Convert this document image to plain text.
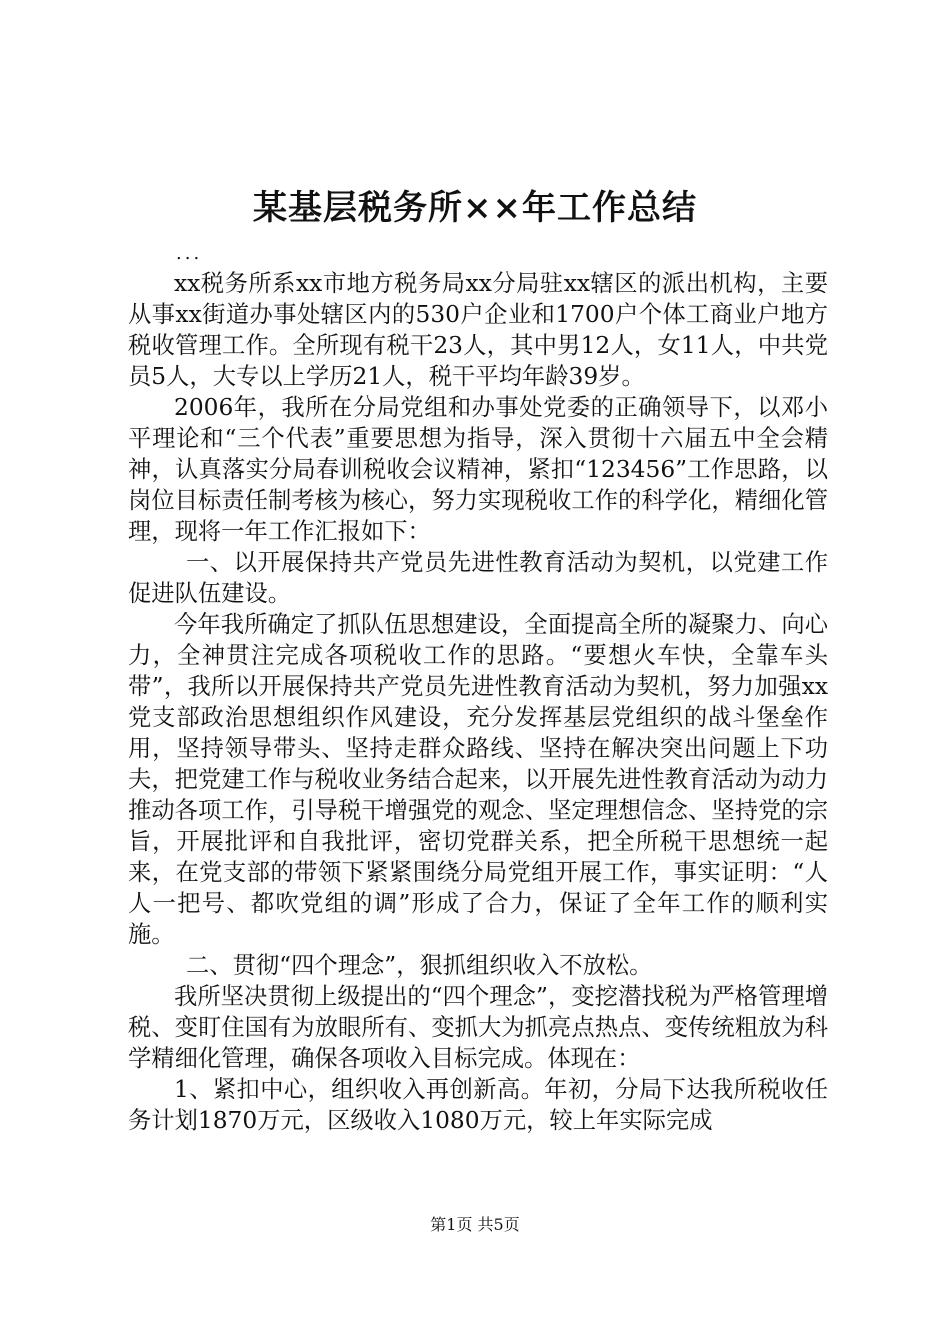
某基层税务所××年工作总结
...

xx税务所系xx市地方税务局xx分局驻xx辖区的派出机构，主要从事xx街道办事处辖区内的530户企业和1700户个体工商业户地方税收管理工作。全所现有税干23人，其中男12人，女11人，中共党员5人，大专以上学历21人，税干平均年龄39岁。

2006年，我所在分局党组和办事处党委的正确领导下，以邓小平理论和“三个代表”重要思想为指导，深入贯彻十六届五中全会精神，认真落实分局春训税收会议精神，紧扣“123456”工作思路，以岗位目标责任制考核为核心，努力实现税收工作的科学化，精细化管理，现将一年工作汇报如下：

一、以开展保持共产党员先进性教育活动为契机，以党建工作促进队伍建设。

今年我所确定了抓队伍思想建设，全面提高全所的凝聚力、向心力，全神贯注完成各项税收工作的思路。“要想火车快，全靠车头带”，我所以开展保持共产党员先进性教育活动为契机，努力加强xx党支部政治思想组织作风建设，充分发挥基层党组织的战斗堡垒作用，坚持领导带头、坚持走群众路线、坚持在解决突出问题上下功夫，把党建工作与税收业务结合起来，以开展先进性教育活动为动力推动各项工作，引导税干增强党的观念、坚定理想信念、坚持党的宗旨，开展批评和自我批评，密切党群关系，把全所税干思想统一起来，在党支部的带领下紧紧围绕分局党组开展工作，事实证明：“人人一把号、都吹党组的调”形成了合力，保证了全年工作的顺利实施。

二、贯彻“四个理念”，狠抓组织收入不放松。

我所坚决贯彻上级提出的“四个理念”，变挖潜找税为严格管理增税、变盯住国有为放眼所有、变抓大为抓亮点热点、变传统粗放为科学精细化管理，确保各项收入目标完成。体现在：

1、紧扣中心，组织收入再创新高。年初，分局下达我所税收任务计划1870万元，区级收入1080万元，较上年实际完成

第1页 共5页
